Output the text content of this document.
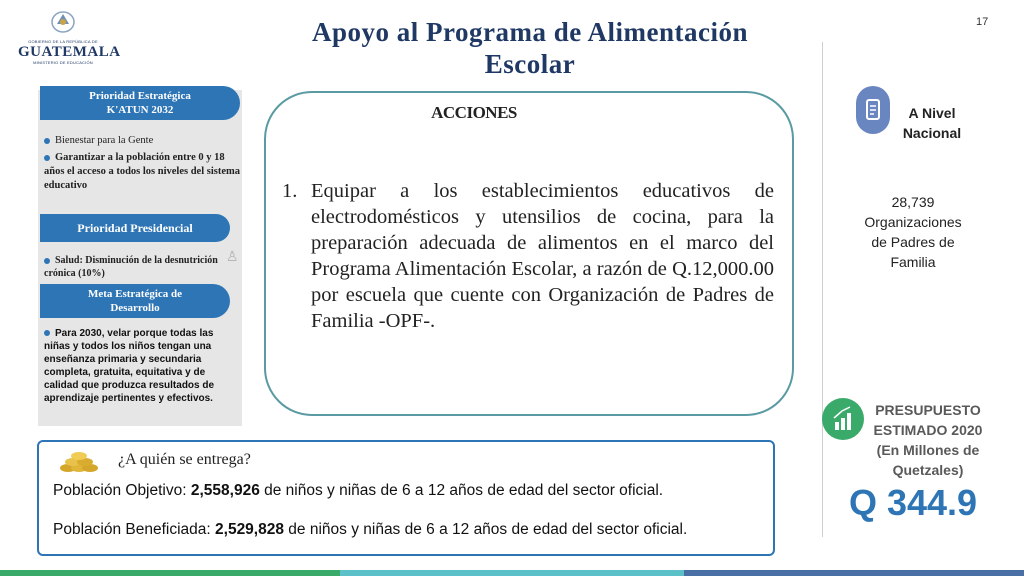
GOBIERNO DE LA REPÚBLICA DE
GUATEMALA
MINISTERIO DE EDUCACIÓN
Apoyo al Programa de Alimentación
Escolar
17
Prioridad Estratégica
K'ATUN 2032
Bienestar para la Gente
Garantizar a la población entre 0 y 18 años el acceso a todos los niveles del sistema educativo
Prioridad Presidencial
♙
Salud: Disminución de la desnutrición crónica (10%)
Meta Estratégica de
Desarrollo
Para 2030, velar porque todas las niñas y todos los niños tengan una enseñanza primaria y secundaria completa, gratuita, equitativa y de calidad que produzca resultados de aprendizaje pertinentes y efectivos.
ACCIONES
1. Equipar a los establecimientos educativos de electrodomésticos y utensilios de cocina, para la preparación adecuada de alimentos en el marco del Programa Alimentación Escolar, a razón de Q.12,000.00 por escuela que cuente con Organización de Padres de Familia -OPF-.
A Nivel
Nacional
28,739
Organizaciones
de Padres de
Familia
PRESUPUESTO
ESTIMADO 2020
(En Millones de
Quetzales)
Q 344.9
¿A quién se entrega?
Población Objetivo: 2,558,926 de niños y niñas de 6 a 12 años de edad del sector oficial.
Población Beneficiada: 2,529,828 de niños y niñas de 6 a 12 años de edad del sector oficial.
